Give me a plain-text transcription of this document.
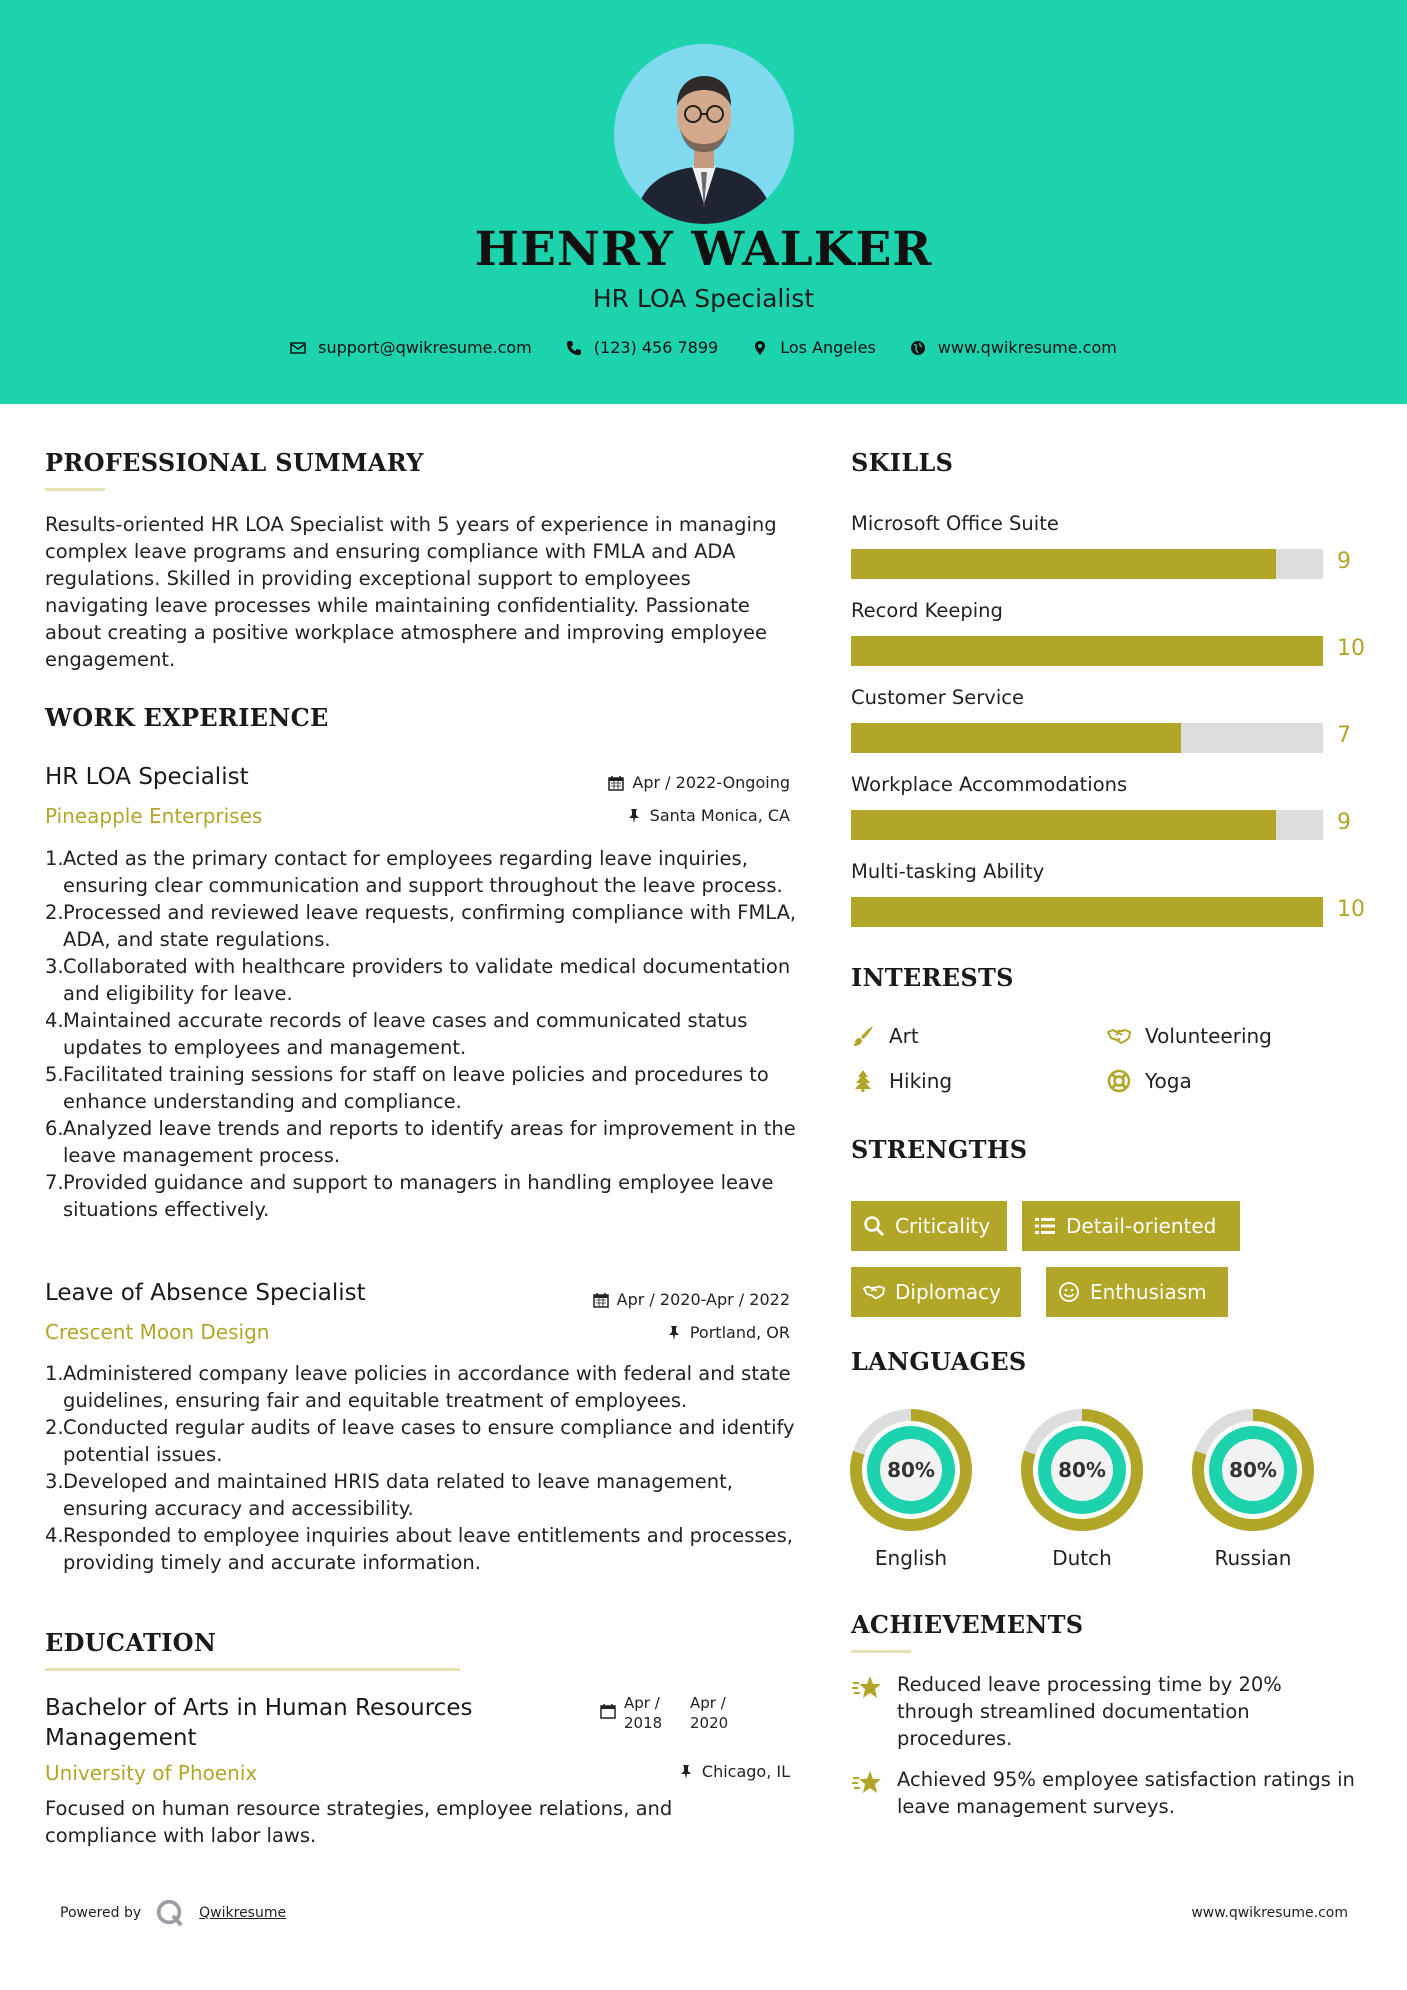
HENRY WALKER
HR LOA Specialist
support@qwikresume.com	(123) 456 7899	Los Angeles	www.qwikresume.com
PROFESSIONAL SUMMARY
Results-oriented HR LOA Specialist with 5 years of experience in managing complex leave programs and ensuring compliance with FMLA and ADA regulations. Skilled in providing exceptional support to employees navigating leave processes while maintaining confidentiality. Passionate about creating a positive workplace atmosphere and improving employee engagement.
WORK EXPERIENCE
HR LOA Specialist	Apr / 2022-Ongoing
Pineapple Enterprises	Santa Monica, CA
1. Acted as the primary contact for employees regarding leave inquiries, ensuring clear communication and support throughout the leave process.
2. Processed and reviewed leave requests, confirming compliance with FMLA, ADA, and state regulations.
3. Collaborated with healthcare providers to validate medical documentation and eligibility for leave.
4. Maintained accurate records of leave cases and communicated status updates to employees and management.
5. Facilitated training sessions for staff on leave policies and procedures to enhance understanding and compliance.
6. Analyzed leave trends and reports to identify areas for improvement in the leave management process.
7. Provided guidance and support to managers in handling employee leave situations effectively.
Leave of Absence Specialist	Apr / 2020-Apr / 2022
Crescent Moon Design	Portland, OR
1. Administered company leave policies in accordance with federal and state guidelines, ensuring fair and equitable treatment of employees.
2. Conducted regular audits of leave cases to ensure compliance and identify potential issues.
3. Developed and maintained HRIS data related to leave management, ensuring accuracy and accessibility.
4. Responded to employee inquiries about leave entitlements and processes, providing timely and accurate information.
EDUCATION
Bachelor of Arts in Human Resources Management
Apr / 2018
Apr / 2020
University of Phoenix	Chicago, IL
Focused on human resource strategies, employee relations, and compliance with labor laws.
SKILLS
Microsoft Office Suite
9
Record Keeping
10
Customer Service
7
Workplace Accommodations
9
Multi-tasking Ability
10
INTERESTS
Art	Volunteering
Hiking	Yoga
STRENGTHS
Criticality	Detail-oriented
Diplomacy	Enthusiasm
LANGUAGES
80%
English
80%
Dutch
80%
Russian
ACHIEVEMENTS
Reduced leave processing time by 20% through streamlined documentation procedures.
Achieved 95% employee satisfaction ratings in leave management surveys.
Powered by	Qwikresume	www.qwikresume.com
